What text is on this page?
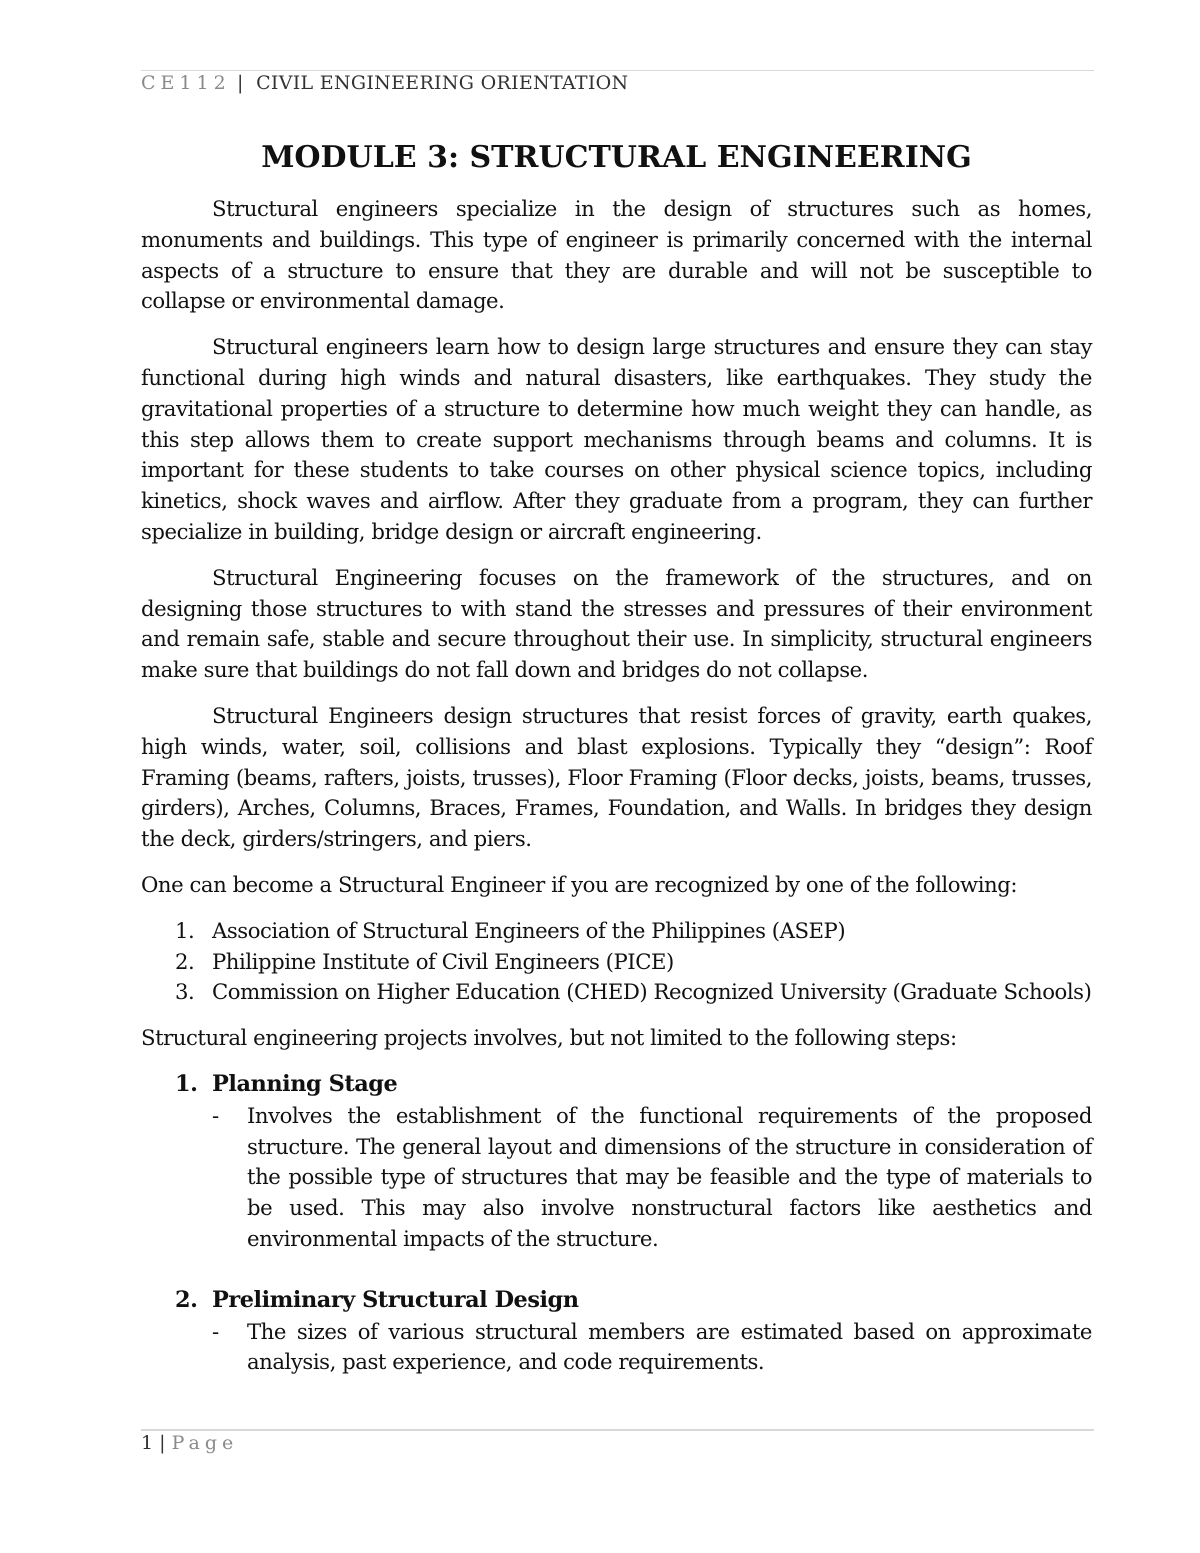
CE112 | CIVIL ENGINEERING ORIENTATION
MODULE 3: STRUCTURAL ENGINEERING

Structural engineers specialize in the design of structures such as homes, monuments and buildings. This type of engineer is primarily concerned with the internal aspects of a structure to ensure that they are durable and will not be susceptible to collapse or environmental damage.

Structural engineers learn how to design large structures and ensure they can stay functional during high winds and natural disasters, like earthquakes. They study the gravitational properties of a structure to determine how much weight they can handle, as this step allows them to create support mechanisms through beams and columns. It is important for these students to take courses on other physical science topics, including kinetics, shock waves and airflow. After they graduate from a program, they can further specialize in building, bridge design or aircraft engineering.

Structural Engineering focuses on the framework of the structures, and on designing those structures to with stand the stresses and pressures of their environment and remain safe, stable and secure throughout their use. In simplicity, structural engineers make sure that buildings do not fall down and bridges do not collapse.

Structural Engineers design structures that resist forces of gravity, earth quakes, high winds, water, soil, collisions and blast explosions. Typically they “design”: Roof Framing (beams, rafters, joists, trusses), Floor Framing (Floor decks, joists, beams, trusses, girders), Arches, Columns, Braces, Frames, Foundation, and Walls. In bridges they design the deck, girders/stringers, and piers.

One can become a Structural Engineer if you are recognized by one of the following:

1. Association of Structural Engineers of the Philippines (ASEP)
2. Philippine Institute of Civil Engineers (PICE)
3. Commission on Higher Education (CHED) Recognized University (Graduate Schools)

Structural engineering projects involves, but not limited to the following steps:

1. Planning Stage
- Involves the establishment of the functional requirements of the proposed structure. The general layout and dimensions of the structure in consideration of the possible type of structures that may be feasible and the type of materials to be used. This may also involve nonstructural factors like aesthetics and environmental impacts of the structure.
2. Preliminary Structural Design
- The sizes of various structural members are estimated based on approximate analysis, past experience, and code requirements.
1 | Page
